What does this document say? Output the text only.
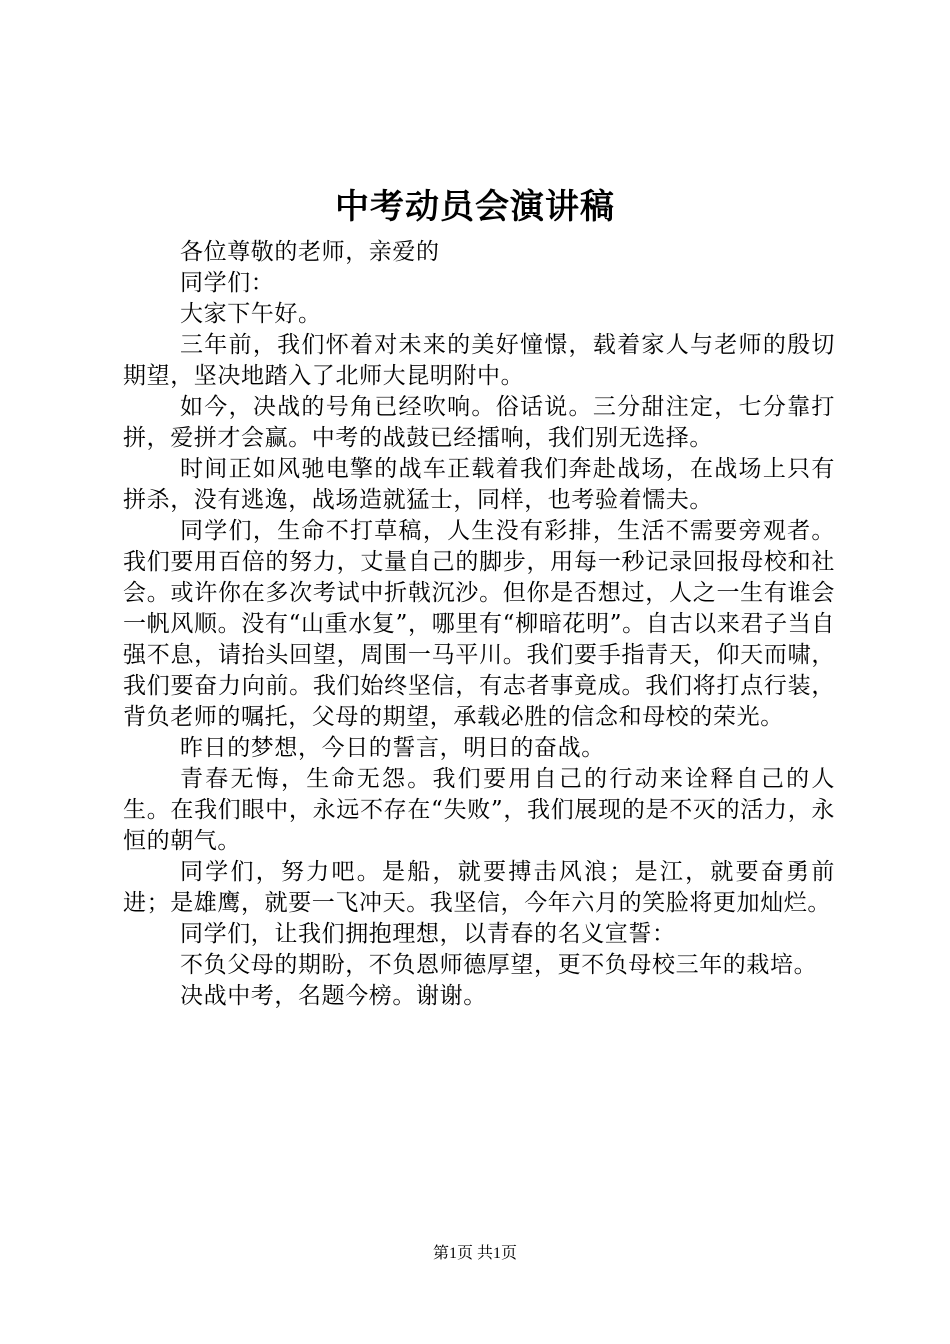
中考动员会演讲稿

各位尊敬的老师，亲爱的

同学们：

大家下午好。

三年前，我们怀着对未来的美好憧憬，载着家人与老师的殷切期望，坚决地踏入了北师大昆明附中。

如今，决战的号角已经吹响。俗话说。三分甜注定，七分靠打拼，爱拼才会赢。中考的战鼓已经擂响，我们别无选择。

时间正如风驰电擎的战车正载着我们奔赴战场，在战场上只有拼杀，没有逃逸，战场造就猛士，同样，也考验着懦夫。

同学们，生命不打草稿，人生没有彩排，生活不需要旁观者。我们要用百倍的努力，丈量自己的脚步，用每一秒记录回报母校和社会。或许你在多次考试中折戟沉沙。但你是否想过，人之一生有谁会一帆风顺。没有“山重水复”，哪里有“柳暗花明”。自古以来君子当自强不息，请抬头回望，周围一马平川。我们要手指青天，仰天而啸，我们要奋力向前。我们始终坚信，有志者事竟成。我们将打点行装，背负老师的嘱托，父母的期望，承载必胜的信念和母校的荣光。

昨日的梦想，今日的誓言，明日的奋战。

青春无悔，生命无怨。我们要用自己的行动来诠释自己的人生。在我们眼中，永远不存在“失败”，我们展现的是不灭的活力，永恒的朝气。

同学们，努力吧。是船，就要搏击风浪；是江，就要奋勇前进；是雄鹰，就要一飞冲天。我坚信，今年六月的笑脸将更加灿烂。

同学们，让我们拥抱理想，以青春的名义宣誓：

不负父母的期盼，不负恩师德厚望，更不负母校三年的栽培。

决战中考，名题今榜。谢谢。

第1页 共1页
